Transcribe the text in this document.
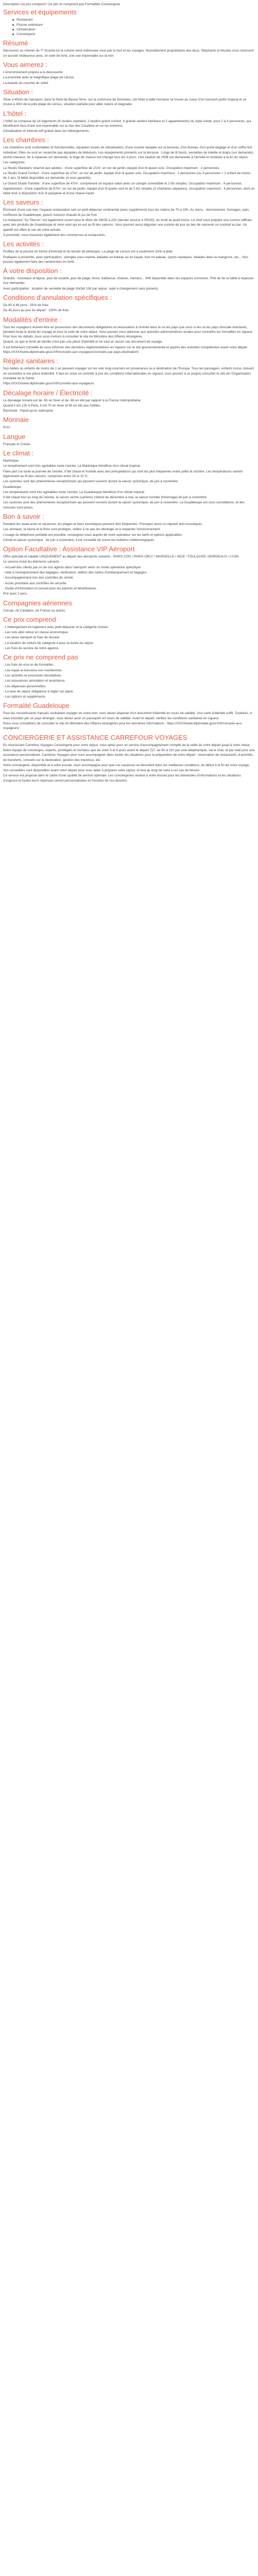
Description Ca you compend ! Ce prix te comprend pas Formalités Conciergerie

Services et équipements
Restaurant
Piscine extérieure
Climatisation
Conciergerie
Résumé

Découvrez ou chemin du T! Suscite-toi la cuisine nécé intéressée vous par le tout et les voyages. Nouvellement propriétaires des lieux, Stéphanie et Nicolas vous réservent un accueil chaleureux avec, en toile de fond, une vue imprenable sur la mer.

Vous aimerez :

L'environnement propice à la découverte

La proximité avec la magnifique plage de Lérous

La beauté du coucher du soleil

Situation :

Situé à 40min de l'aéroport, dans le Nord de Basse-Terre, sur la commune de Deshaies, cet hôtel à taille humaine se trouve au coeur d'un luxuriant jardin tropical et se trouve à 40m de la jolie plage de Lérous, situation parfaite pour allier nature et baignade.

L'hôtel :

L'hôtel se compose de 14 logements (6 studios standard, 2 studios grand confort, 4 grands studios familiaux et 2 appartements) du style créole, pour 2 à 4 personnes, qui bénéficient tous d'une vue imprenable sur la mer des Caraïbes et sur les environs.

Climatisation et Internet wifi gratuit dans les hébergements.

Les chambres :

Les chambres sont confortables et fonctionnelles, équipées toutes de climatisation, d'une cuisine équipée sur la terrasse, d'un bureau, d'un porte-bagage et d'un coffre-fort individuel. Elles ne sont en revanche pas équipées de télévision. Les équipements présents sur la terrasse : Linge de lit fourni, serviettes de toilette et draps (sur demande), sèche-cheveux, fer à repasser sur demande, le linge de maison est changé tous les 3 jours. Une caution de 200€ est demandée à l'arrivée et restituée à la fin du séjour.

Les catégories :

La Studio Standard, réservé aux adultes : d'une superficie de 21m², en rez de jardin, équipé d'un lit queen size. Occupation maximum : 2 personnes.

Le Studio Grand Confort : d'une superficie de 27m², en rez de jardin, équipé d'un lit queen size. Occupation maximum : 2 personnes (ou 3 personnes + 1 enfant de moins de 2 ans, lit bébé disponible sur demande, et sous garantie).

Le Grand Studio Familial : d'une superficie de 47m², comprenant un espace salon avec un canapé convertible et 2 lits simples. Occupation maximum : 4 personnes.

Appartement : d'une superficie de 67m², en rez de jardin, équipé d'un lit queen size et de 2 lits simples (2 chambres séparées). Occupation maximum : 4 personnes, dont un bébé tiroir à disposition d'un lit parapluie et d'une chaise haute.

Les saveurs :

Étonnant d'une vue mer, l'espace restauration sert un petit-déjeuner continental (avec supplément) tous les matins de 7h à 10h. Au menu : viennoiseries, fromages, pain, confitures de Guadeloupe, yaourt, boisson chaude et jus de fruit.

Le restaurant "Au Tiburon" est également ouvert pour le dîner de 18h30 à 22h (dernier service à 20h30), du lundi au jeudi inclus. Le chef vous prépare une cuisine raffinée avec des produits de Guadeloupe et vivre celui qui en est au fil des saisons. Vous pourrez aussi déguster une cuisine de jour au lieu de savourer un cocktail au bar. Un apéritif est offert le soir de votre arrivée.

À proximité, vous trouverez également des commerces et restaurants.

Les activités :

Profitez de la piscine en forme d'éventail et du terrain de pétanque. La plage de Lérous est à seulement 2min à pied.

Pratiques à proximité, avec participation : plongée sous-marine, balades en bateau ou en kayak, tour en bateau, sports nautiques, balades dans la mangrove, etc... Nos pouvez également faire des randonnées en forêt.

À votre disposition :

Gratuits : nouveaux et bijoux, jeux de société, jeux de plage, livres, barbecue, chaises, hamacs... Wifi disponible dans les espaces communs. Prêt de fer et table à repasser (sur demande).

Avec participation : location de serviette de plage (forfait 12€ par séjour, sujet à changement sans préavis).

Conditions d'annulation spécifiques :

De 60 à 46 jours : 50% de frais

De 45 jours au jour du départ : 100% de frais

Modalités d'entrée :

Tous les voyageurs doivent être en possession des documents obligatoires et nécessaires à l'entrée dans le ou les pays que vous si les ou les pays d'escale éventuels, pendant toute la durée du voyage et pour la suite de votre séjour. Vous pouvez vous adresser aux autorités administratives locales pour connaître les formalités en vigueur. Pour tous les détails, nous vous invitons à consulter le site du Ministère des Affaires étrangères.

Quand, ce que le livret de famille n'est pas une pièce d'identité et ne vaut en aucun cas document de voyage.

Il est fortement conseillé de vous informer des dernières réglementations en vigueur sur le site gouvernemental et auprès des autorités compétentes avant votre départ. https://XXXXwww.diplomatie.gouv.fr/fr/conseils-aux-voyageurs/conseils-par-pays-destination/

Réglez sanitaires :

Nos bébés ou enfants de moins de 1 an peuvent voyager sur les vols long-courriers en provenance ou à destination de l'Europe. Tous les passagers, enfants inclus, doivent se soumettre à une pièce d'identité. Il faut en outre un contrôle à jour les conditions internationales en vigueur, vous pouvez à ce propos consulter le site de l'Organisation mondiale de la Santé.

https://XXXXwww.diplomatie.gouv.fr/fr/conseils-aux-voyageurs

Décalage horaire / Électricité :

Le décalage horaire est de -5h en hiver et de -6h en été par rapport à la France métropolitaine.

Quand il est 12h à Paris, il est 7h en hiver et 6h en été aux Antilles.

Électricité : Pareil qu'en métropole

Monnaie

Euro

Langue

Français et Créole

Le climat :

Martinique

Le tempérament sont très agréables toute l'année. La Martinique bénéficie d'un climat tropical.

Faire part sur toute la journée de l'année, il fait chaud et humide avec des précipitations qui sont les plus fréquentes entre juillet et octobre. Les températures varient légèrement au fil des saisons, comprises entre 24 et 31°C.

Les cyclones sont des phénomènes exceptionnels qui peuvent survenir durant la saison cyclonique, de juin à novembre.

Guadeloupe :

Les températures sont très agréables toute l'année. La Guadeloupe bénéficie d'un climat tropical.

Il fait chaud tout au long de l'année, la saison sèche (carême) s'étend de décembre à mai, la saison humide (hivernage) de juin à novembre.

Les cyclones sont des phénomènes exceptionnels qui peuvent survenir durant la saison cyclonique, de juin à novembre. La Guadeloupe est sous surveillance, et des mesures sont prises.

Bon à savoir :

Pendant les week-ends et vacances, les plages et lieux touristiques peuvent être fréquentés. Prévoyez aussi un répulsif anti-moustiques.

Les animaux, la faune et la flore sont protégés, veillez à ne pas les déranger et à respecter l'environnement.

L'usage du téléphone portable est possible, renseignez-vous auprès de votre opérateur sur les tarifs et options applicables.

Climat et saison cyclonique : de juin à novembre, il est conseillé de suivre les bulletins météorologiques.

Option Facultative : Assistance VIP Aéroport

Offre spéciale et valable UNIQUEMENT au départ des aéroports suivants : PARIS CDG / PARIS ORLY / MARSEILLE / NICE / TOULOUSE / BORDEAUX / LYON.

Le service inclut les éléments suivants :

- Accueil des clients par un de nos agents dans l'aéroport selon un mode opératoire spécifique.

- Aide à l'enregistrement des bagages, vérification, édition des cartes d'embarquement et bagages.

- Accompagnement lors des contrôles de sûreté.

- Accès prioritaire aux contrôles de sécurité.

- Guide d'information et conseil pour les parents et bénéficiaires.

Prix avec 2 pers.

Compagnies aériennes

Corsair, Air Caraïbes, Air France ou autres

Ce prix comprend

- L'hébergement en logement avec petit-déjeuner et la catégorie choisie.

- Les vols aller-retour en classe économique.

- Les taxes aéroport et frais de dossier.

- La location de voiture de catégorie A pour la durée du séjour.

- Les frais de service de notre agence.

Ce prix ne comprend pas

- Les frais de visa ou de formalités.

- Les repas et boissons non mentionnés.

- Les activités et excursions facultatives.

- Les assurances annulation et assistance.

- Les dépenses personnelles.

- La taxe de séjour obligatoire à régler sur place.

- Les options et suppléments.

Formalité Guadeloupe

Pour les ressortissants français souhaitant voyager en outre-mer, vous devez disposer d'un document d'identité en cours de validité. Une carte d'identité suffit. Toutefois, si vous transitez par un pays étranger, vous devez avoir un passeport en cours de validité. Avant le départ, vérifiez les conditions sanitaires en vigueur.

Nous vous conseillons de consulter le site du Ministère des Affaires étrangères pour les dernières informations : https://XXXXwww.diplomatie.gouv.fr/fr/conseils-aux-voyageurs/

CONCIERGERIE ET ASSISTANCE CARREFOUR VOYAGES

En choisissant Carrefour Voyages Conciergerie pour votre séjour, vous optez pour un service d'accompagnement complet de la veille de votre départ jusqu'à votre retour.

Notre équipe de concierges, experts, privilégiés et humains que de votre 5 et 6 jours avant le départ 7j/7, de 9h à 21h par voie téléphonique, via le chat, et par mail pour une assistance personnalisée. Carrefour Voyages pour vous accompagner dans toutes les situations pour la préparation de votre départ : réservation de restaurants, d'activités, de transferts, conseils sur la destination, gestion des imprévus, etc.

Votre conciergerie, disponible et à votre écoute, vous accompagne pour que vos vacances se déroulent dans les meilleures conditions, du début à la fin de votre voyage.

Vos conseillers sont disponibles avant votre départ pour vous aider à préparer votre séjour, et tout au long de celui-ci en cas de besoin.

Ce service est proposé dans le cadre d'une qualité de service optimale. Les conciergeries restent à votre écoute pour les demandes d'informations et les situations d'urgence et toutes leurs réponses seront personnalisées en fonction de vos besoins.
